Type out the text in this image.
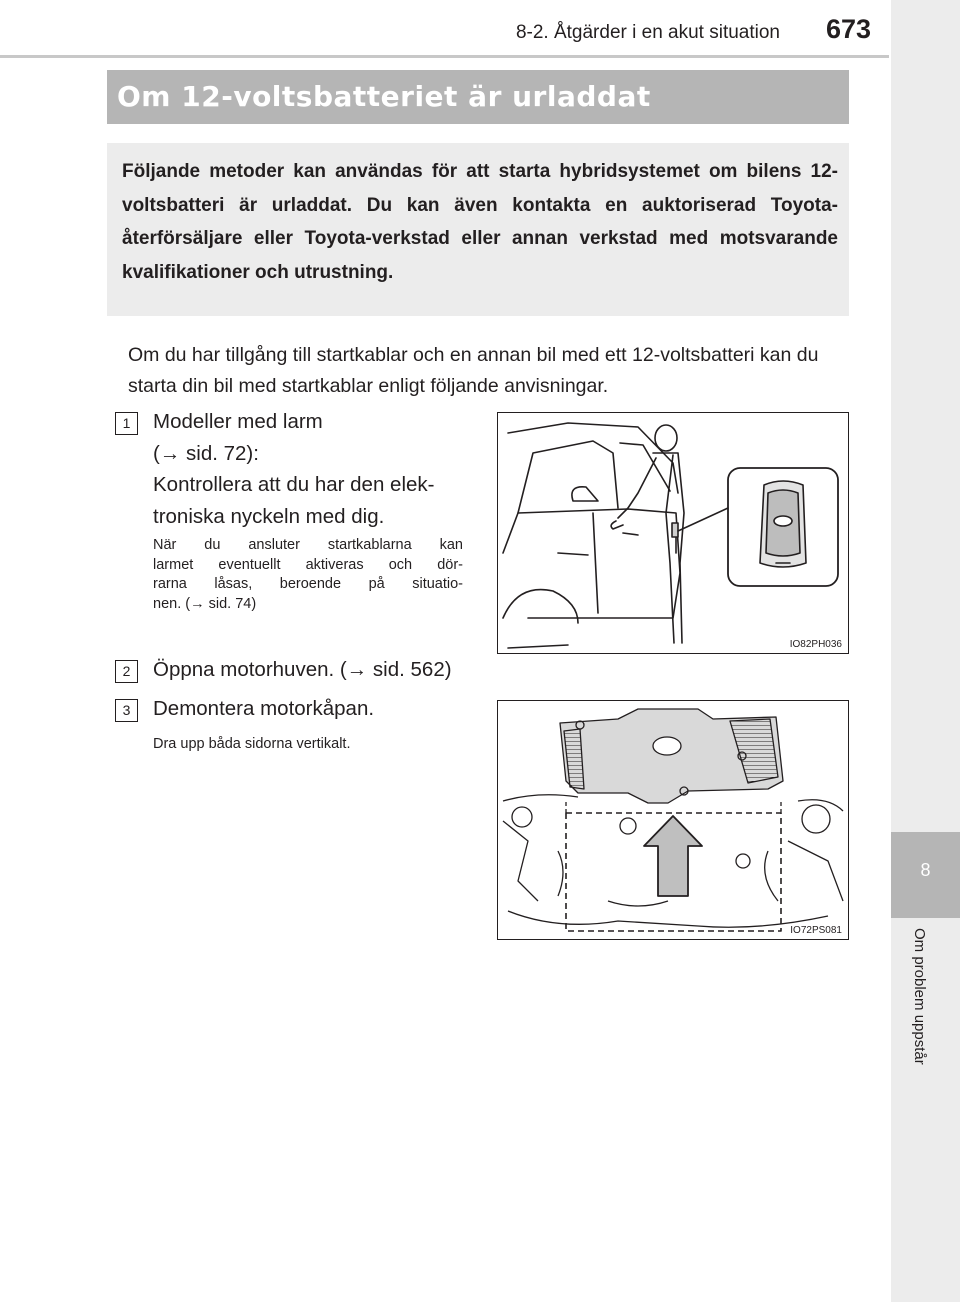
8
Om problem uppstår
8-2. Åtgärder i en akut situation 673
Om 12-voltsbatteriet är urladdat

Följande metoder kan användas för att starta hybridsystemet om bilens 12-voltsbatteri är urladdat. Du kan även kontakta en auktoriserad Toyota-återförsäljare eller Toyota-verkstad eller annan verkstad med motsvarande kvalifikationer och utrustning.

Om du har tillgång till startkablar och en annan bil med ett 12-voltsbatteri kan du starta din bil med startkablar enligt följande anvisningar.

1	Modeller med larm
(→ sid. 72):
Kontrollera att du har den elek-
troniska nyckeln med dig.
När du ansluter startkablarna kan
larmet eventuellt aktiveras och dör-
rarna låsas, beroende på situatio-
nen. (→ sid. 74)
IO82PH036
2	Öppna motorhuven. (→ sid. 562)
3	Demontera motorkåpan.
Dra upp båda sidorna vertikalt.
IO72PS081
